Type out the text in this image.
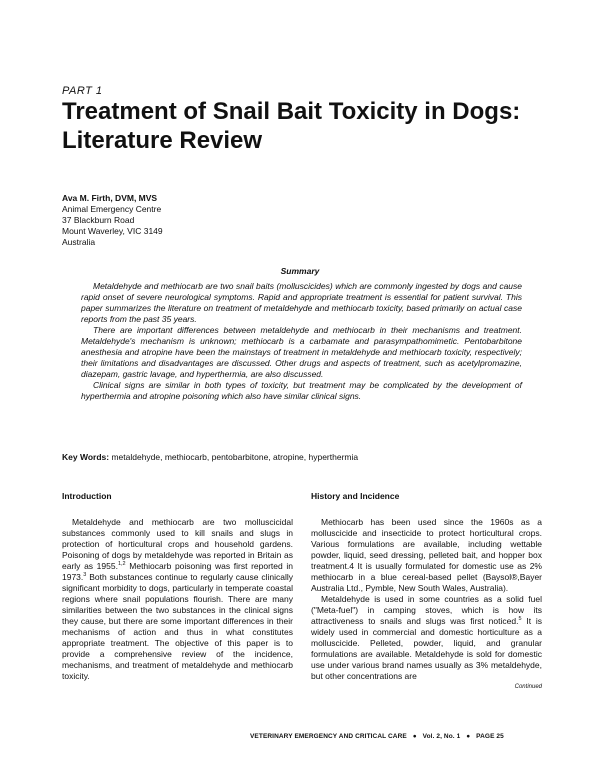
PART 1
Treatment of Snail Bait Toxicity in Dogs:
Literature Review
Ava M. Firth, DVM, MVS
Animal Emergency Centre
37 Blackburn Road
Mount Waverley, VIC 3149
Australia
Summary

Metaldehyde and methiocarb are two snail baits (molluscicides) which are commonly ingested by dogs and cause rapid onset of severe neurological symptoms. Rapid and appropriate treatment is essential for patient survival. This paper summarizes the literature on treatment of metaldehyde and methiocarb toxicity, based primarily on actual case reports from the past 35 years.

There are important differences between metaldehyde and methiocarb in their mechanisms and treatment. Metaldehyde's mechanism is unknown; methiocarb is a carbamate and parasympathomimetic. Pentobarbitone anesthesia and atropine have been the mainstays of treatment in metaldehyde and methiocarb toxicity, respectively; their limitations and disadvantages are discussed. Other drugs and aspects of treatment, such as acetylpromazine, diazepam, gastric lavage, and hyperthermia, are also discussed.

Clinical signs are similar in both types of toxicity, but treatment may be complicated by the development of hyperthermia and atropine poisoning which also have similar clinical signs.

Key Words: metaldehyde, methiocarb, pentobarbitone, atropine, hyperthermia
Introduction

Metaldehyde and methiocarb are two molluscicidal substances commonly used to kill snails and slugs in protection of horticultural crops and household gardens. Poisoning of dogs by metaldehyde was reported in Britain as early as 1955.$^{1,2}$ Methiocarb poisoning was first reported in 1973.$^3$ Both substances continue to regularly cause clinically significant morbidity to dogs, particularly in temperate coastal regions where snail populations flourish. There are many similarities between the two substances in the clinical signs they cause, but there are some important differences in their mechanisms of action and thus in what constitutes appropriate treatment. The objective of this paper is to provide a comprehensive review of the incidence, mechanisms, and treatment of metaldehyde and methiocarb toxicity.

History and Incidence

Methiocarb has been used since the 1960s as a molluscicide and insecticide to protect horticultural crops. Various formulations are available, including wettable powder, liquid, seed dressing, pelleted bait, and hopper box treatment.4 It is usually formulated for domestic use as 2% methiocarb in a blue cereal-based pellet (Baysol®,Bayer Australia Ltd., Pymble, New South Wales, Australia).

Metaldehyde is used in some countries as a solid fuel ("Meta-fuel") in camping stoves, which is how its attractiveness to snails and slugs was first noticed.$^5$ It is widely used in commercial and domestic horticulture as a molluscicide. Pelleted, powder, liquid, and granular formulations are available. Metaldehyde is sold for domestic use under various brand names usually as 3% metaldehyde, but other concentrations are

Continued
VETERINARY EMERGENCY AND CRITICAL CARE ● Vol. 2, No. 1 ● PAGE 25
